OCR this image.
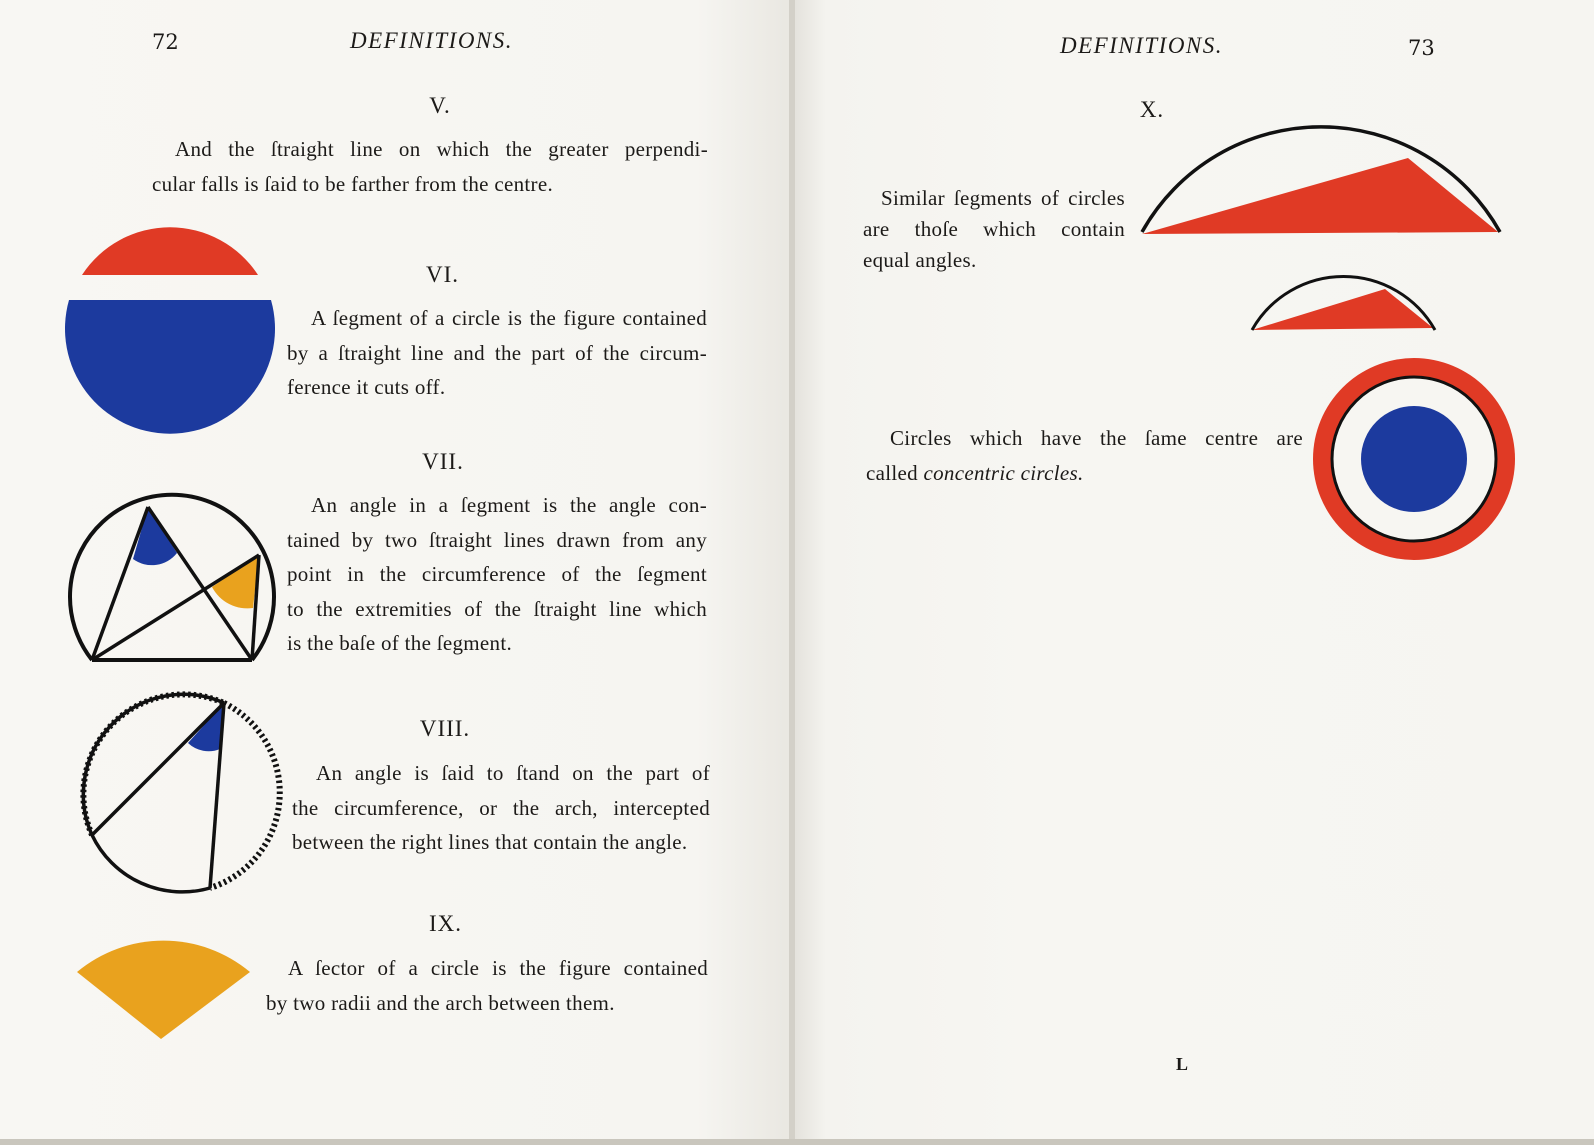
72	DEFINITIONS.
V.
And the ſtraight line on which the greater perpendi-
cular falls is ſaid to be farther from the centre.
VI.
A ſegment of a circle is the figure contained
by a ſtraight line and the part of the circum-
ference it cuts off.
VII.
An angle in a ſegment is the angle con-
tained by two ſtraight lines drawn from any
point in the circumference of the ſegment
to the extremities of the ſtraight line which
is the baſe of the ſegment.
VIII.
An angle is ſaid to ſtand on the part of
the circumference, or the arch, intercepted
between the right lines that contain the angle.
IX.
A ſector of a circle is the figure contained
by two radii and the arch between them.
DEFINITIONS.	73
X.
Similar ſegments of circles
are thoſe which contain
equal angles.
Circles which have the ſame centre are
called concentric circles.
L
